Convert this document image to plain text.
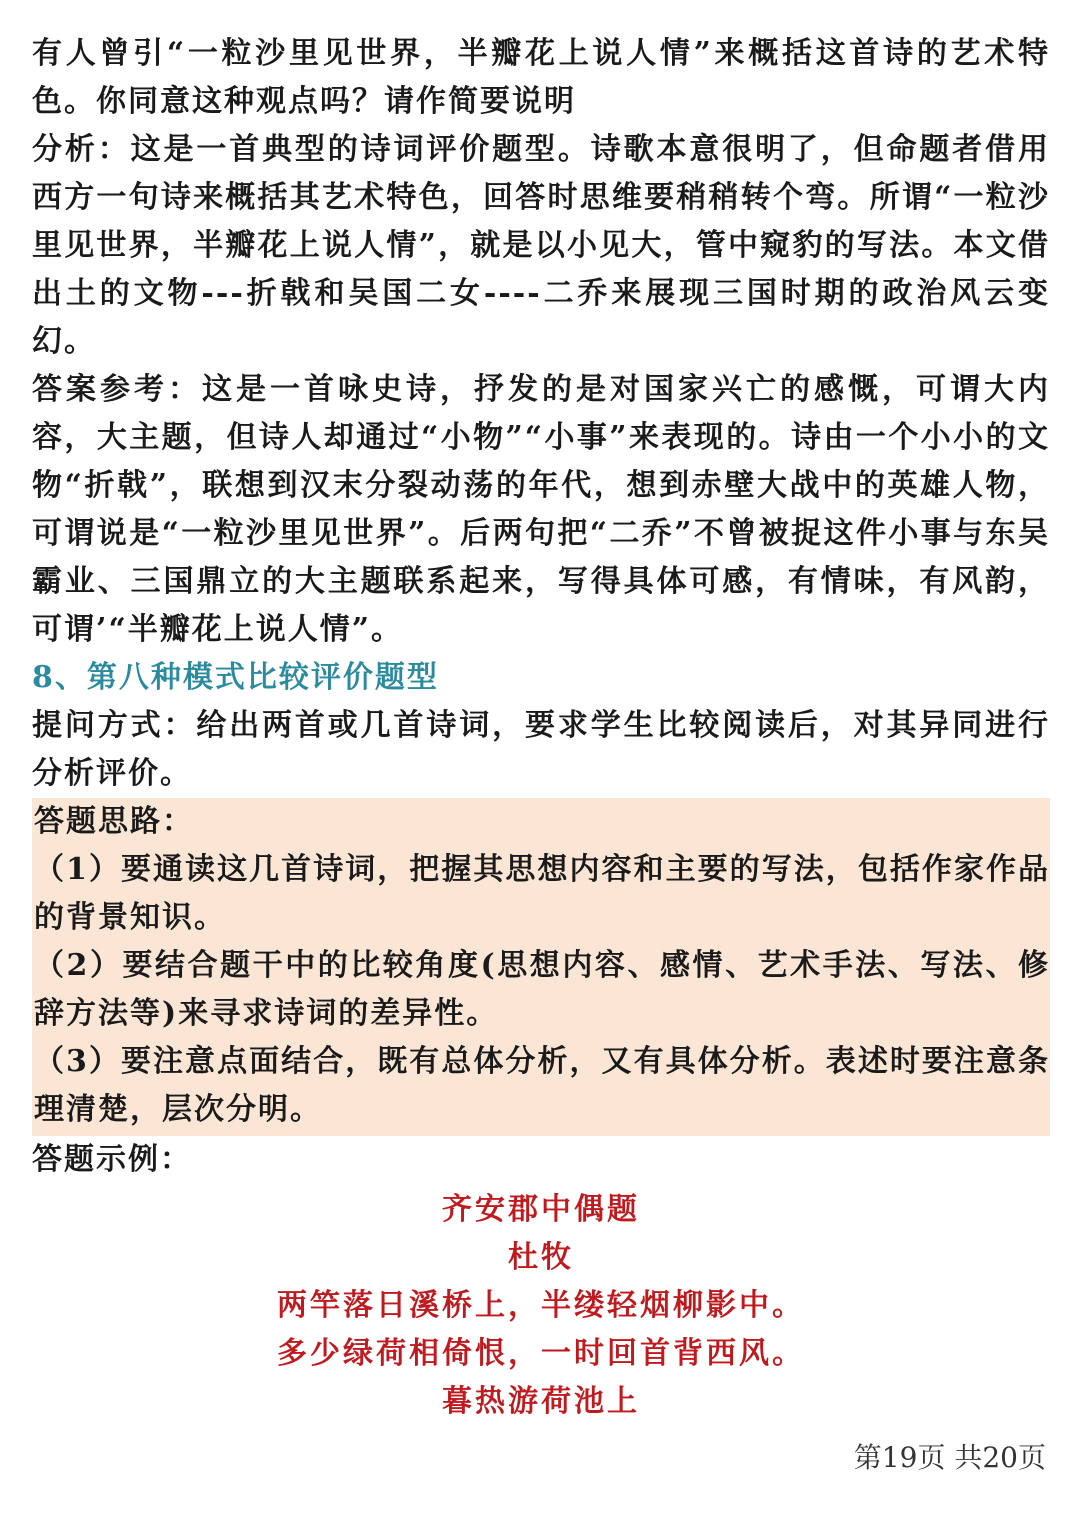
有人曾引“一粒沙里见世界，半瓣花上说人情”来概括这首诗的艺术特色。你同意这种观点吗？请作简要说明

分析：这是一首典型的诗词评价题型。诗歌本意很明了，但命题者借用西方一句诗来概括其艺术特色，回答时思维要稍稍转个弯。所谓“一粒沙里见世界，半瓣花上说人情”，就是以小见大，管中窥豹的写法。本文借出土的文物---折戟和吴国二女----二乔来展现三国时期的政治风云变幻。

答案参考：这是一首咏史诗，抒发的是对国家兴亡的感慨，可谓大内容，大主题，但诗人却通过“小物”“小事”来表现的。诗由一个小小的文物“折戟”，联想到汉末分裂动荡的年代，想到赤壁大战中的英雄人物，可谓说是“一粒沙里见世界”。后两句把“二乔”不曾被捉这件小事与东吴霸业、三国鼎立的大主题联系起来，写得具体可感，有情味，有风韵，可谓’“半瓣花上说人情”。

8、第八种模式比较评价题型

提问方式：给出两首或几首诗词，要求学生比较阅读后，对其异同进行分析评价。

答题思路：

（1）要通读这几首诗词，把握其思想内容和主要的写法，包括作家作品的背景知识。

（2）要结合题干中的比较角度(思想内容、感情、艺术手法、写法、修辞方法等)来寻求诗词的差异性。

（3）要注意点面结合，既有总体分析，又有具体分析。表述时要注意条理清楚，层次分明。

答题示例：

齐安郡中偶题

杜牧

两竿落日溪桥上，半缕轻烟柳影中。

多少绿荷相倚恨，一时回首背西风。

暮热游荷池上

第19页 共20页
